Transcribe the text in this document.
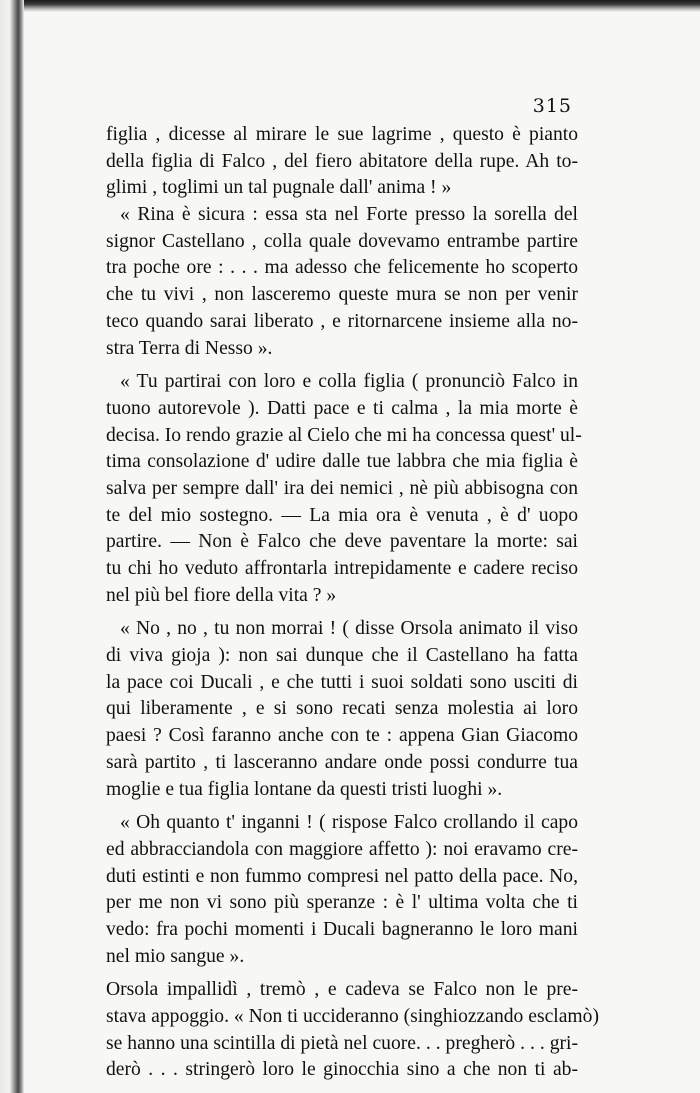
315
figlia , dicesse al mirare le sue lagrime , questo è pianto
della figlia di Falco , del fiero abitatore della rupe. Ah to-
glimi , toglimi un tal pugnale dall' anima ! »
« Rina è sicura : essa sta nel Forte presso la sorella del
signor Castellano , colla quale dovevamo entrambe partire
tra poche ore : . . . ma adesso che felicemente ho scoperto
che tu vivi , non lasceremo queste mura se non per venir
teco quando sarai liberato , e ritornarcene insieme alla no-
stra Terra di Nesso ».
« Tu partirai con loro e colla figlia ( pronunciò Falco in
tuono autorevole ). Datti pace e ti calma , la mia morte è
decisa. Io rendo grazie al Cielo che mi ha concessa quest' ul-
tima consolazione d' udire dalle tue labbra che mia figlia è
salva per sempre dall' ira dei nemici , nè più abbisogna con
te del mio sostegno. — La mia ora è venuta , è d' uopo
partire. — Non è Falco che deve paventare la morte: sai
tu chi ho veduto affrontarla intrepidamente e cadere reciso
nel più bel fiore della vita ? »
« No , no , tu non morrai ! ( disse Orsola animato il viso
di viva gioja ): non sai dunque che il Castellano ha fatta
la pace coi Ducali , e che tutti i suoi soldati sono usciti di
qui liberamente , e si sono recati senza molestia ai loro
paesi ? Così faranno anche con te : appena Gian Giacomo
sarà partito , ti lasceranno andare onde possi condurre tua
moglie e tua figlia lontane da questi tristi luoghi ».
« Oh quanto t' inganni ! ( rispose Falco crollando il capo
ed abbracciandola con maggiore affetto ): noi eravamo cre-
duti estinti e non fummo compresi nel patto della pace. No,
per me non vi sono più speranze : è l' ultima volta che ti
vedo: fra pochi momenti i Ducali bagneranno le loro mani
nel mio sangue ».
Orsola impallidì , tremò , e cadeva se Falco non le pre-
stava appoggio. « Non ti uccideranno (singhiozzando esclamò)
se hanno una scintilla di pietà nel cuore. . . pregherò . . . gri-
derò . . . stringerò loro le ginocchia sino a che non ti ab-
